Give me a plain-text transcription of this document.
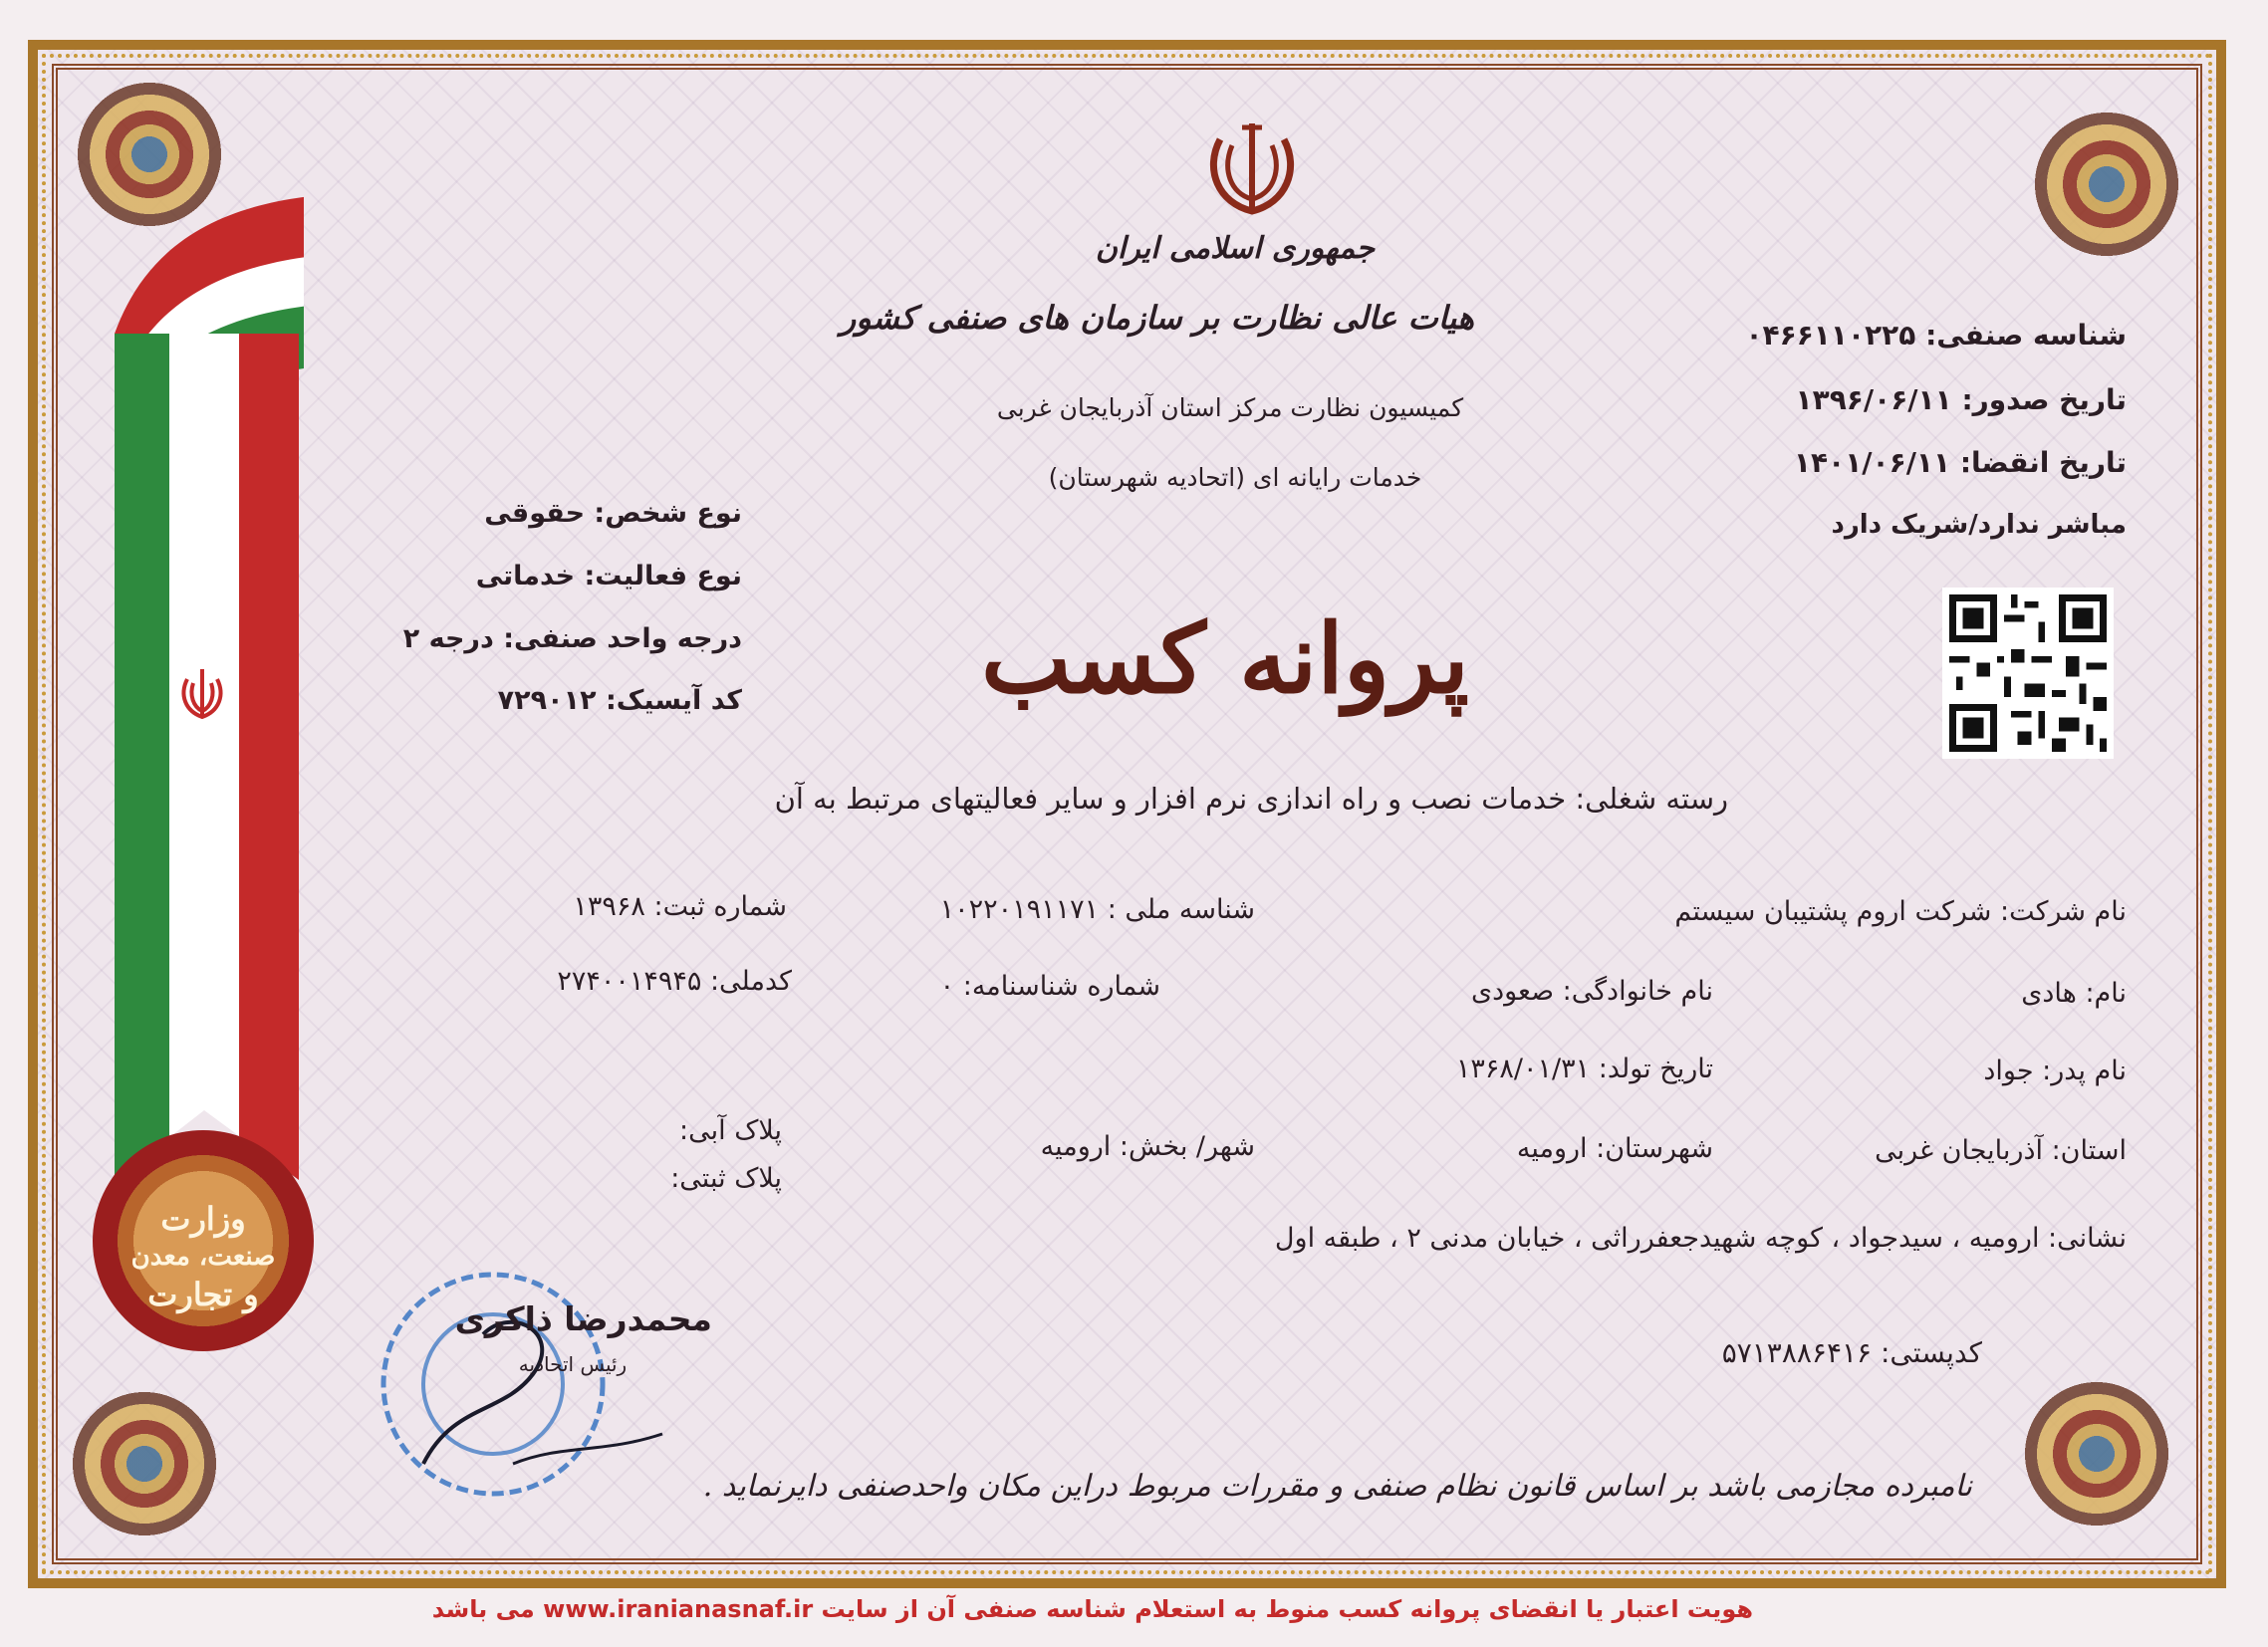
وزارت
صنعت، معدن
و تجارت
جمهوری اسلامی ایران
هیات عالی نظارت بر سازمان های صنفی کشور
کمیسیون نظارت مرکز استان آذربایجان غربی
خدمات رایانه ای (اتحادیه شهرستان)
پروانه کسب
شناسه صنفی: ۰۴۶۶۱۱۰۲۲۵
تاریخ صدور: ۱۳۹۶/۰۶/۱۱
تاریخ انقضا: ۱۴۰۱/۰۶/۱۱
مباشر ندارد/شریک دارد
نوع شخص: حقوقی
نوع فعالیت: خدماتی
درجه واحد صنفی: درجه ۲
کد آیسیک: ۷۲۹۰۱۲
رسته شغلی: خدمات نصب و راه اندازی نرم افزار و سایر فعالیتهای مرتبط به آن
نام شرکت: شرکت اروم پشتیبان سیستم
شناسه ملی : ۱۰۲۲۰۱۹۱۱۷۱
شماره ثبت: ۱۳۹۶۸
نام: هادی
نام خانوادگی: صعودی
شماره شناسنامه: ۰
کدملی: ۲۷۴۰۰۱۴۹۴۵
نام پدر: جواد
تاریخ تولد: ۱۳۶۸/۰۱/۳۱
استان: آذربایجان غربی
شهرستان: ارومیه
شهر/ بخش: ارومیه
پلاک آبی:
پلاک ثبتی:
نشانی: ارومیه ، سیدجواد ، کوچه شهیدجعفرراثی ، خیابان مدنی ۲ ، طبقه اول
کدپستی: ۵۷۱۳۸۸۶۴۱۶
محمدرضا ذاکری
رئیس اتحادیه
نامبرده مجازمی باشد بر اساس قانون نظام صنفی و مقررات مربوط دراین مکان واحدصنفی دایرنماید .
هویت اعتبار یا انقضای پروانه کسب منوط به استعلام شناسه صنفی آن از سایت www.iranianasnaf.ir می باشد
